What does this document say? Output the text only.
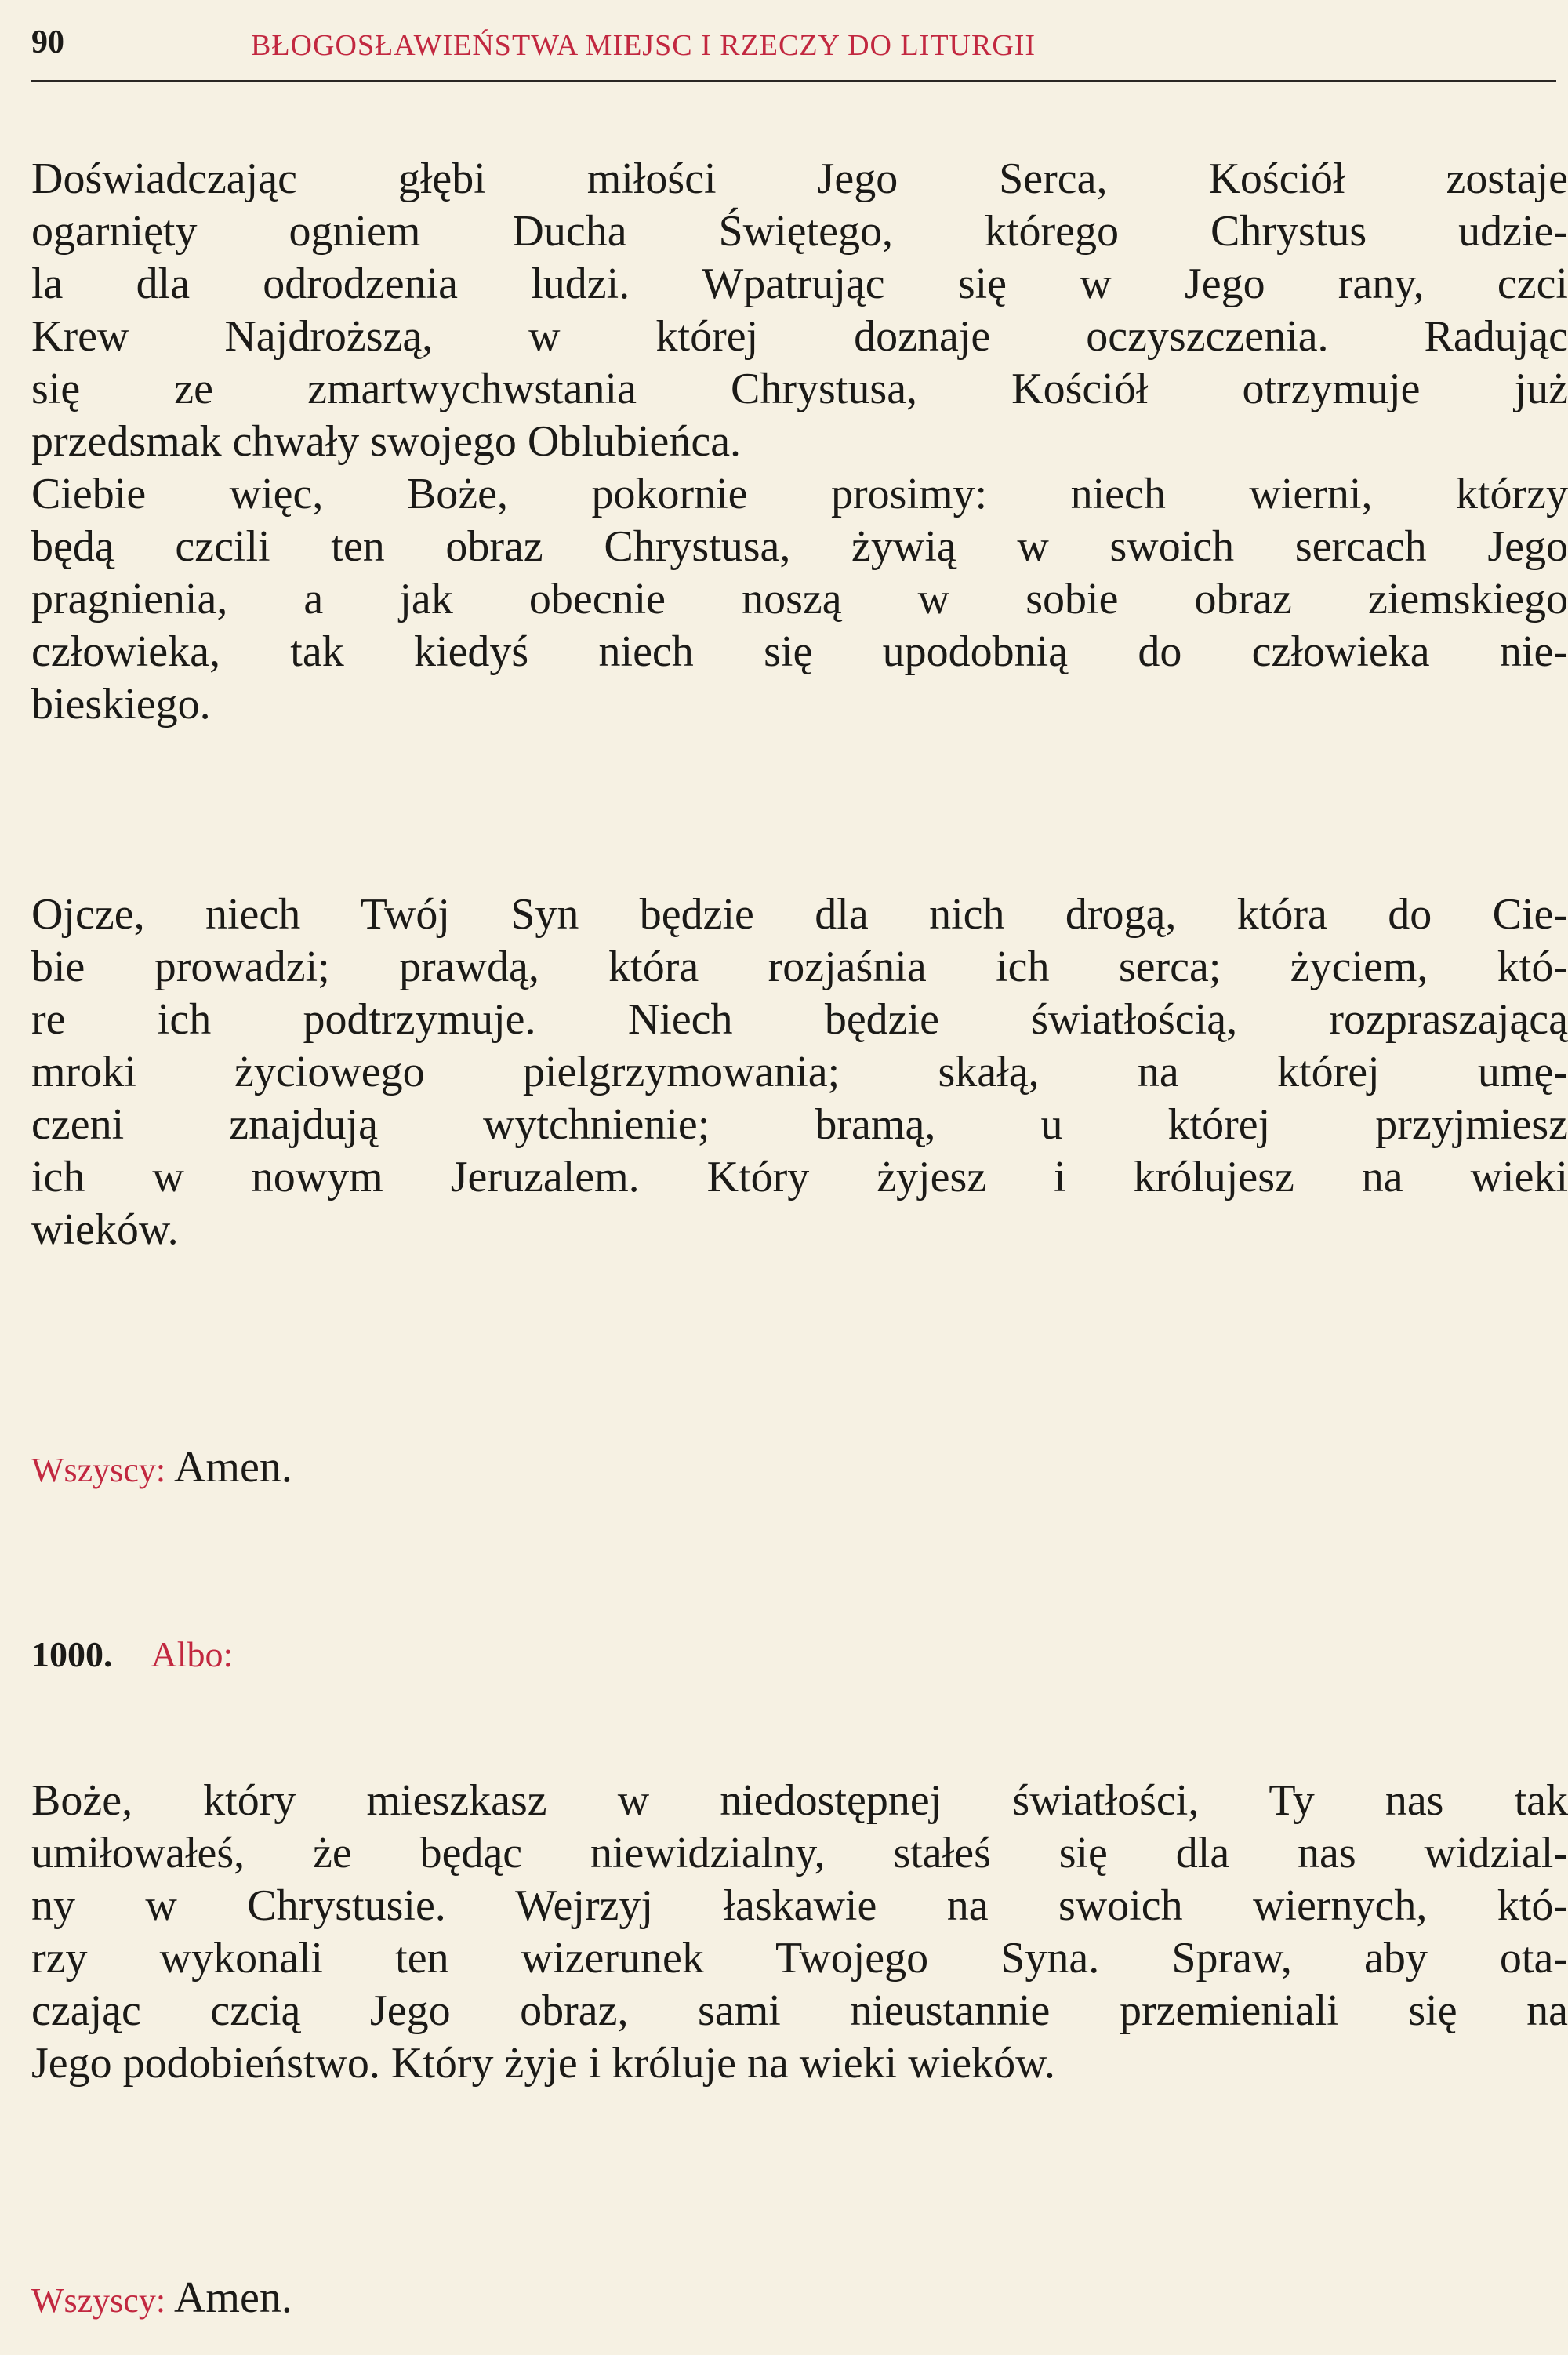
90	BŁOGOSŁAWIEŃSTWA MIEJSC I RZECZY DO LITURGII
Doświadczając głębi miłości Jego Serca, Kościół zostaje
ogarnięty ogniem Ducha Świętego, którego Chrystus udzie-
la dla odrodzenia ludzi. Wpatrując się w Jego rany, czci
Krew Najdroższą, w której doznaje oczyszczenia. Radując
się ze zmartwychwstania Chrystusa, Kościół otrzymuje już
przedsmak chwały swojego Oblubieńca.
Ciebie więc, Boże, pokornie prosimy: niech wierni, którzy
będą czcili ten obraz Chrystusa, żywią w swoich sercach Jego
pragnienia, a jak obecnie noszą w sobie obraz ziemskiego
człowieka, tak kiedyś niech się upodobnią do człowieka nie-
bieskiego.
Ojcze, niech Twój Syn będzie dla nich drogą, która do Cie-
bie prowadzi; prawdą, która rozjaśnia ich serca; życiem, któ-
re ich podtrzymuje. Niech będzie światłością, rozpraszającą
mroki życiowego pielgrzymowania; skałą, na której umę-
czeni znajdują wytchnienie; bramą, u której przyjmiesz
ich w nowym Jeruzalem. Który żyjesz i królujesz na wieki
wieków.
Wszyscy: Amen.
1000. Albo:
Boże, który mieszkasz w niedostępnej światłości, Ty nas tak
umiłowałeś, że będąc niewidzialny, stałeś się dla nas widzial-
ny w Chrystusie. Wejrzyj łaskawie na swoich wiernych, któ-
rzy wykonali ten wizerunek Twojego Syna. Spraw, aby ota-
czając czcią Jego obraz, sami nieustannie przemieniali się na
Jego podobieństwo. Który żyje i króluje na wieki wieków.
Wszyscy: Amen.
